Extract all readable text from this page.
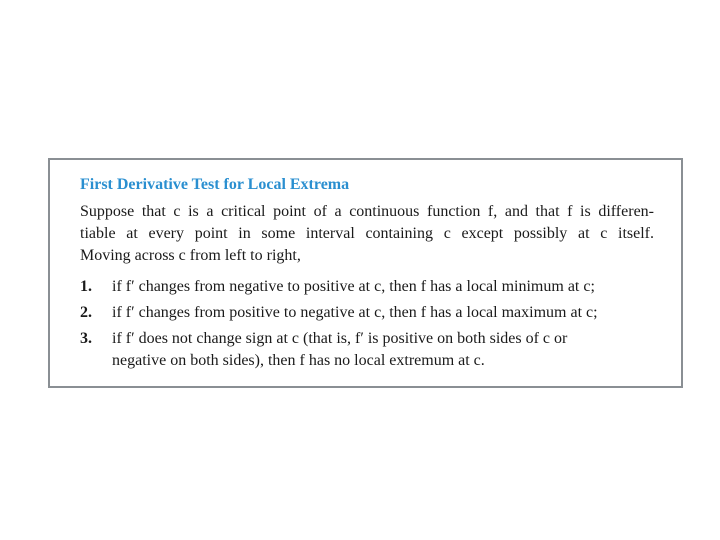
First Derivative Test for Local Extrema
Suppose that c is a critical point of a continuous function f, and that f is differen-
tiable at every point in some interval containing c except possibly at c itself.
Moving across c from left to right,
1. if f′ changes from negative to positive at c, then f has a local minimum at c;
2. if f′ changes from positive to negative at c, then f has a local maximum at c;
3. if f′ does not change sign at c (that is, f′ is positive on both sides of c or
negative on both sides), then f has no local extremum at c.
